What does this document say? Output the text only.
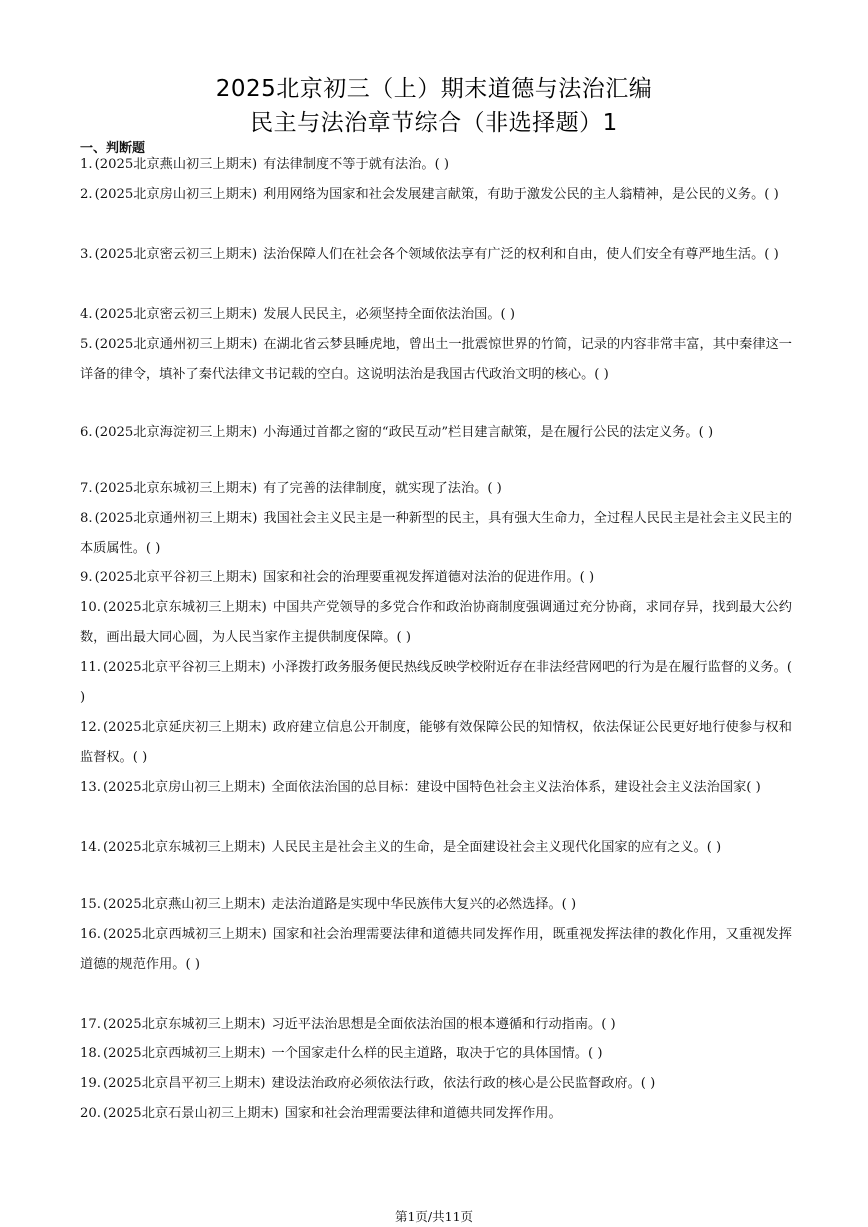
2025北京初三（上）期末道德与法治汇编
民主与法治章节综合（非选择题）1
一、判断题

1. (2025北京燕山初三上期末) 有法律制度不等于就有法治。( )

2. (2025北京房山初三上期末) 利用网络为国家和社会发展建言献策，有助于激发公民的主人翁精神，是公民的义务。( )

3. (2025北京密云初三上期末) 法治保障人们在社会各个领域依法享有广泛的权利和自由，使人们安全有尊严地生活。( )

4. (2025北京密云初三上期末) 发展人民民主，必须坚持全面依法治国。( )

5. (2025北京通州初三上期末) 在湖北省云梦县睡虎地，曾出土一批震惊世界的竹简，记录的内容非常丰富，其中秦律这一详备的律令，填补了秦代法律文书记载的空白。这说明法治是我国古代政治文明的核心。( )

6. (2025北京海淀初三上期末) 小海通过首都之窗的“政民互动”栏目建言献策，是在履行公民的法定义务。( )

7. (2025北京东城初三上期末) 有了完善的法律制度，就实现了法治。( )

8. (2025北京通州初三上期末) 我国社会主义民主是一种新型的民主，具有强大生命力，全过程人民民主是社会主义民主的本质属性。( )

9. (2025北京平谷初三上期末) 国家和社会的治理要重视发挥道德对法治的促进作用。( )

10. (2025北京东城初三上期末) 中国共产党领导的多党合作和政治协商制度强调通过充分协商，求同存异，找到最大公约数，画出最大同心圆，为人民当家作主提供制度保障。( )

11. (2025北京平谷初三上期末) 小泽拨打政务服务便民热线反映学校附近存在非法经营网吧的行为是在履行监督的义务。( )

12. (2025北京延庆初三上期末) 政府建立信息公开制度，能够有效保障公民的知情权，依法保证公民更好地行使参与权和监督权。( )

13. (2025北京房山初三上期末) 全面依法治国的总目标：建设中国特色社会主义法治体系，建设社会主义法治国家( )

14. (2025北京东城初三上期末) 人民民主是社会主义的生命，是全面建设社会主义现代化国家的应有之义。( )

15. (2025北京燕山初三上期末) 走法治道路是实现中华民族伟大复兴的必然选择。( )

16. (2025北京西城初三上期末) 国家和社会治理需要法律和道德共同发挥作用，既重视发挥法律的教化作用，又重视发挥道德的规范作用。( )

17. (2025北京东城初三上期末) 习近平法治思想是全面依法治国的根本遵循和行动指南。( )

18. (2025北京西城初三上期末) 一个国家走什么样的民主道路，取决于它的具体国情。( )

19. (2025北京昌平初三上期末) 建设法治政府必须依法行政，依法行政的核心是公民监督政府。( )

20. (2025北京石景山初三上期末) 国家和社会治理需要法律和道德共同发挥作用。

第1页/共11页
